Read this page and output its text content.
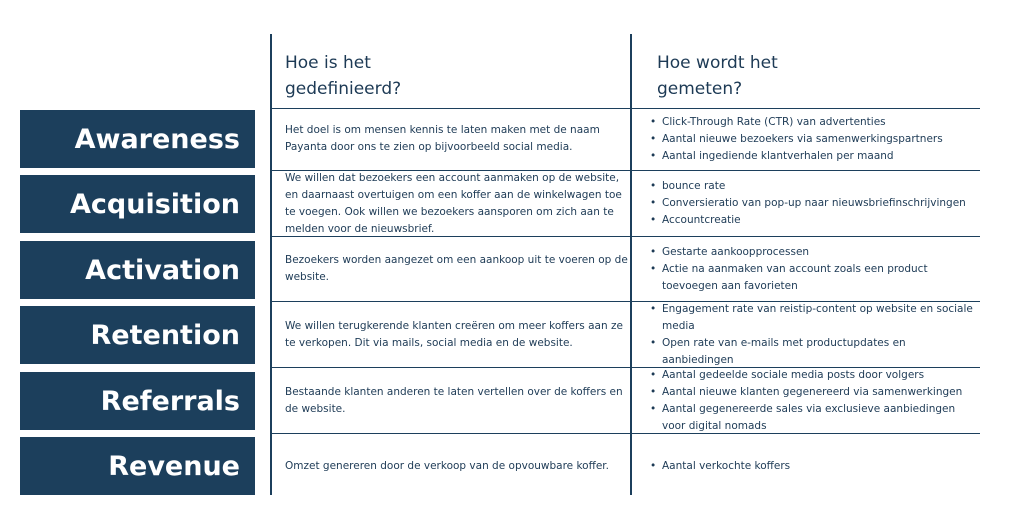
Hoe is het
gedefinieerd?
Hoe wordt het
gemeten?
Awareness	Het doel is om mensen kennis te laten maken met de naam Payanta door ons te zien op bijvoorbeeld social media.
• Click-Through Rate (CTR) van advertenties
• Aantal nieuwe bezoekers via samenwerkingspartners
• Aantal ingediende klantverhalen per maand
Acquisition
We willen dat bezoekers een account aanmaken op de website, en daarnaast overtuigen om een koffer aan de winkelwagen toe te voegen. Ook willen we bezoekers aansporen om zich aan te melden voor de nieuwsbrief.
• bounce rate
• Conversieratio van pop-up naar nieuwsbriefinschrijvingen
• Accountcreatie
Activation	Bezoekers worden aangezet om een aankoop uit te voeren op de website.
• Gestarte aankoopprocessen
• Actie na aanmaken van account zoals een product toevoegen aan favorieten
Retention	We willen terugkerende klanten creëren om meer koffers aan ze te verkopen. Dit via mails, social media en de website.
• Engagement rate van reistip-content op website en sociale media
• Open rate van e-mails met productupdates en aanbiedingen
Referrals	Bestaande klanten anderen te laten vertellen over de koffers en de website.
• Aantal gedeelde sociale media posts door volgers
• Aantal nieuwe klanten gegenereerd via samenwerkingen
• Aantal gegenereerde sales via exclusieve aanbiedingen voor digital nomads
Revenue	Omzet genereren door de verkoop van de opvouwbare koffer.
•	Aantal verkochte koffers
